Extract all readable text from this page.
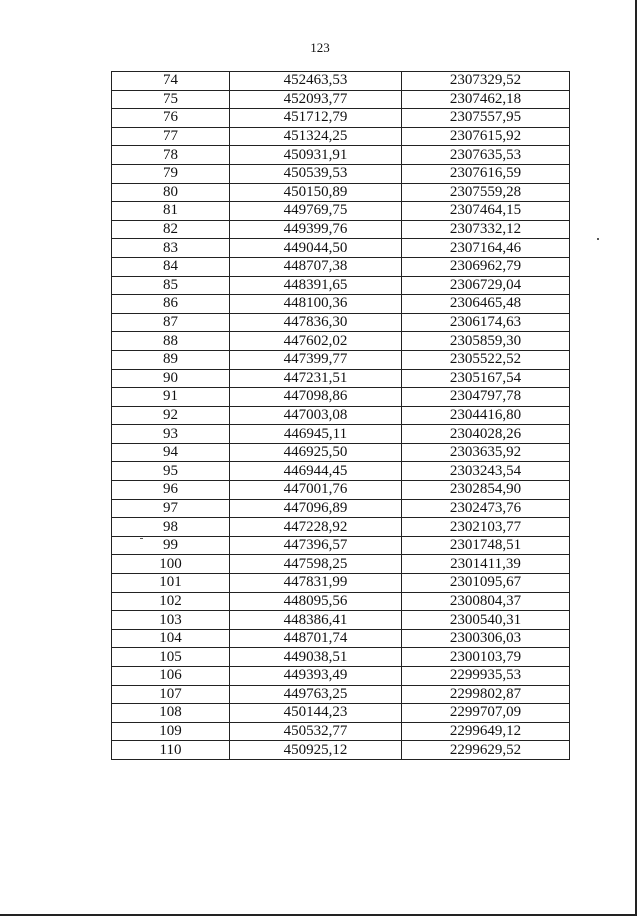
123
74	452463,53	2307329,52
75	452093,77	2307462,18
76	451712,79	2307557,95
77	451324,25	2307615,92
78	450931,91	2307635,53
79	450539,53	2307616,59
80	450150,89	2307559,28
81	449769,75	2307464,15
82	449399,76	2307332,12
83	449044,50	2307164,46
84	448707,38	2306962,79
85	448391,65	2306729,04
86	448100,36	2306465,48
87	447836,30	2306174,63
88	447602,02	2305859,30
89	447399,77	2305522,52
90	447231,51	2305167,54
91	447098,86	2304797,78
92	447003,08	2304416,80
93	446945,11	2304028,26
94	446925,50	2303635,92
95	446944,45	2303243,54
96	447001,76	2302854,90
97	447096,89	2302473,76
98	447228,92	2302103,77
99	447396,57	2301748,51
100	447598,25	2301411,39
101	447831,99	2301095,67
102	448095,56	2300804,37
103	448386,41	2300540,31
104	448701,74	2300306,03
105	449038,51	2300103,79
106	449393,49	2299935,53
107	449763,25	2299802,87
108	450144,23	2299707,09
109	450532,77	2299649,12
110	450925,12	2299629,52
